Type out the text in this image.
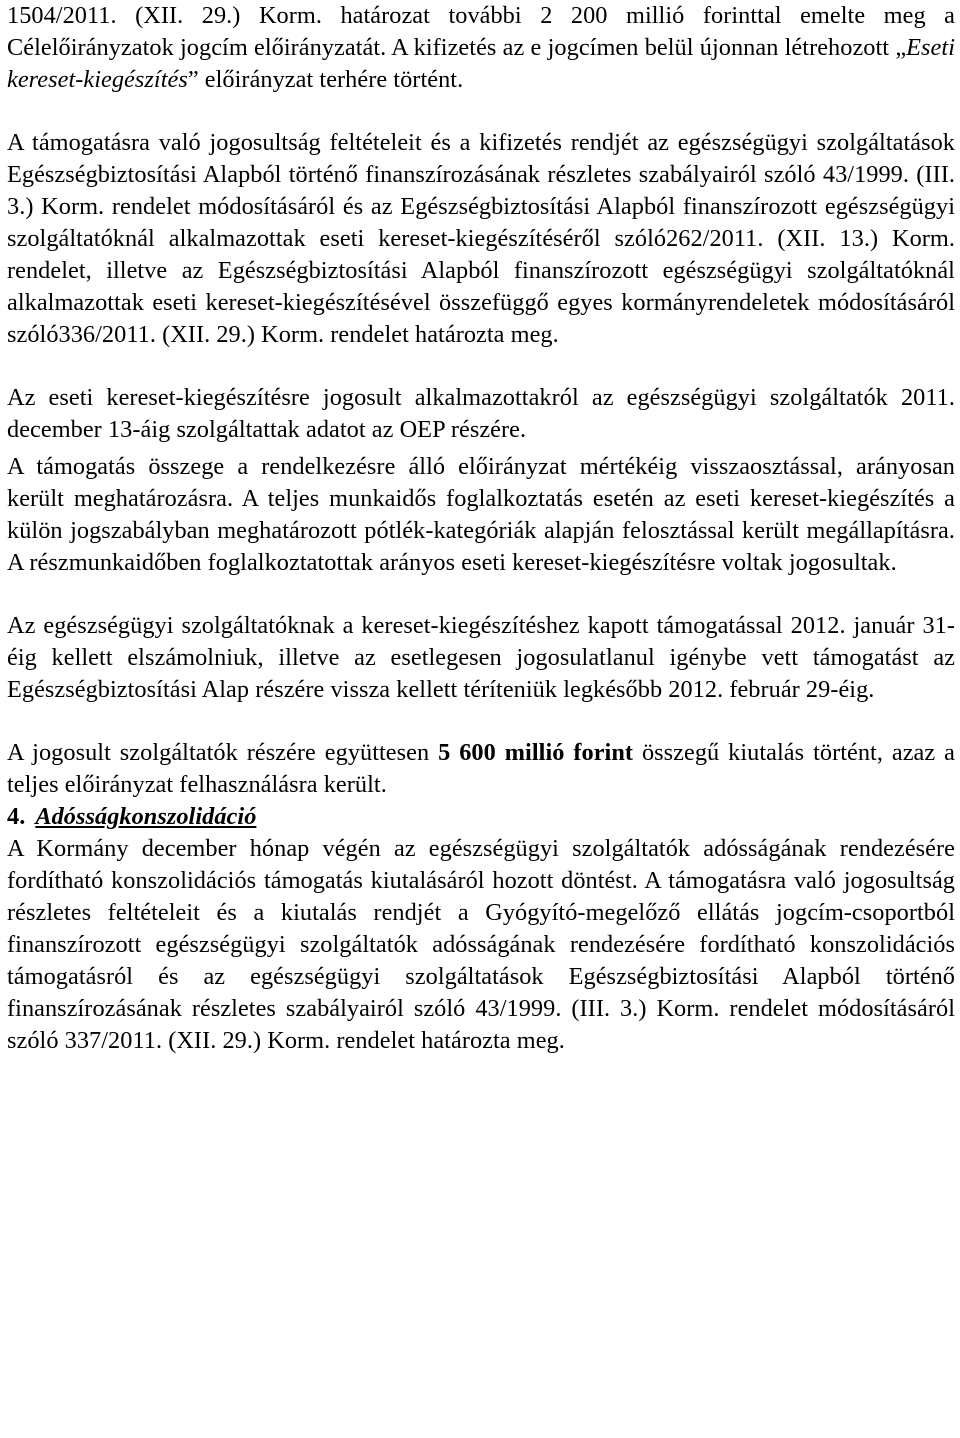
1504/2011. (XII. 29.) Korm. határozat további 2 200 millió forinttal emelte meg a Célelőirányzatok jogcím előirányzatát. A kifizetés az e jogcímen belül újonnan létrehozott „Eseti kereset-kiegészítés” előirányzat terhére történt.

A támogatásra való jogosultság feltételeit és a kifizetés rendjét az egészségügyi szolgáltatások Egészségbiztosítási Alapból történő finanszírozásának részletes szabályairól szóló 43/1999. (III. 3.) Korm. rendelet módosításáról és az Egészségbiztosítási Alapból finanszírozott egészségügyi szolgáltatóknál alkalmazottak eseti kereset-kiegészítéséről szóló262/2011. (XII. 13.) Korm. rendelet, illetve az Egészségbiztosítási Alapból finanszírozott egészségügyi szolgáltatóknál alkalmazottak eseti kereset-kiegészítésével összefüggő egyes kormányrendeletek módosításáról szóló336/2011. (XII. 29.) Korm. rendelet határozta meg.

Az eseti kereset-kiegészítésre jogosult alkalmazottakról az egészségügyi szolgáltatók 2011. december 13-áig szolgáltattak adatot az OEP részére.

A támogatás összege a rendelkezésre álló előirányzat mértékéig visszaosztással, arányosan került meghatározásra. A teljes munkaidős foglalkoztatás esetén az eseti kereset-kiegészítés a külön jogszabályban meghatározott pótlék-kategóriák alapján felosztással került megállapításra. A részmunkaidőben foglalkoztatottak arányos eseti kereset-kiegészítésre voltak jogosultak.

Az egészségügyi szolgáltatóknak a kereset-kiegészítéshez kapott támogatással 2012. január 31-éig kellett elszámolniuk, illetve az esetlegesen jogosulatlanul igénybe vett támogatást az Egészségbiztosítási Alap részére vissza kellett téríteniük legkésőbb 2012. február 29-éig.

A jogosult szolgáltatók részére együttesen 5 600 millió forint összegű kiutalás történt, azaz a teljes előirányzat felhasználásra került.

4. Adósságkonszolidáció

A Kormány december hónap végén az egészségügyi szolgáltatók adósságának rendezésére fordítható konszolidációs támogatás kiutalásáról hozott döntést. A támogatásra való jogosultság részletes feltételeit és a kiutalás rendjét a Gyógyító-megelőző ellátás jogcím-csoportból finanszírozott egészségügyi szolgáltatók adósságának rendezésére fordítható konszolidációs támogatásról és az egészségügyi szolgáltatások Egészségbiztosítási Alapból történő finanszírozásának részletes szabályairól szóló 43/1999. (III. 3.) Korm. rendelet módosításáról szóló 337/2011. (XII. 29.) Korm. rendelet határozta meg.
